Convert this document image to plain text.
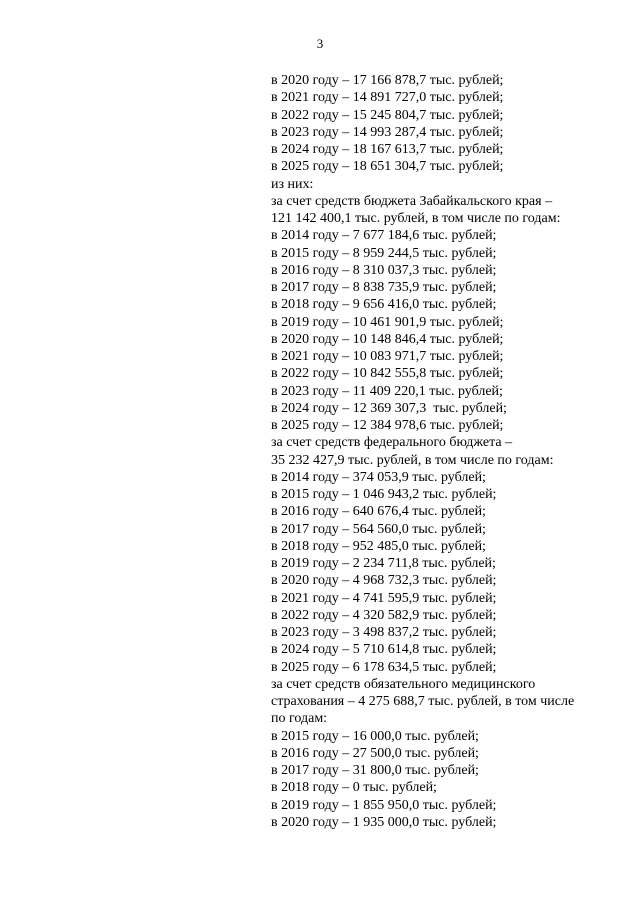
3
в 2020 году – 17 166 878,7 тыс. рублей;
в 2021 году – 14 891 727,0 тыс. рублей;
в 2022 году – 15 245 804,7 тыс. рублей;
в 2023 году – 14 993 287,4 тыс. рублей;
в 2024 году – 18 167 613,7 тыс. рублей;
в 2025 году – 18 651 304,7 тыс. рублей;
из них:
за счет средств бюджета Забайкальского края –
121 142 400,1 тыс. рублей, в том числе по годам:
в 2014 году – 7 677 184,6 тыс. рублей;
в 2015 году – 8 959 244,5 тыс. рублей;
в 2016 году – 8 310 037,3 тыс. рублей;
в 2017 году – 8 838 735,9 тыс. рублей;
в 2018 году – 9 656 416,0 тыс. рублей;
в 2019 году – 10 461 901,9 тыс. рублей;
в 2020 году – 10 148 846,4 тыс. рублей;
в 2021 году – 10 083 971,7 тыс. рублей;
в 2022 году – 10 842 555,8 тыс. рублей;
в 2023 году – 11 409 220,1 тыс. рублей;
в 2024 году – 12 369 307,3  тыс. рублей;
в 2025 году – 12 384 978,6 тыс. рублей;
за счет средств федерального бюджета –
35 232 427,9 тыс. рублей, в том числе по годам:
в 2014 году – 374 053,9 тыс. рублей;
в 2015 году – 1 046 943,2 тыс. рублей;
в 2016 году – 640 676,4 тыс. рублей;
в 2017 году – 564 560,0 тыс. рублей;
в 2018 году – 952 485,0 тыс. рублей;
в 2019 году – 2 234 711,8 тыс. рублей;
в 2020 году – 4 968 732,3 тыс. рублей;
в 2021 году – 4 741 595,9 тыс. рублей;
в 2022 году – 4 320 582,9 тыс. рублей;
в 2023 году – 3 498 837,2 тыс. рублей;
в 2024 году – 5 710 614,8 тыс. рублей;
в 2025 году – 6 178 634,5 тыс. рублей;
за счет средств обязательного медицинского
страхования – 4 275 688,7 тыс. рублей, в том числе
по годам:
в 2015 году – 16 000,0 тыс. рублей;
в 2016 году – 27 500,0 тыс. рублей;
в 2017 году – 31 800,0 тыс. рублей;
в 2018 году – 0 тыс. рублей;
в 2019 году – 1 855 950,0 тыс. рублей;
в 2020 году – 1 935 000,0 тыс. рублей;
